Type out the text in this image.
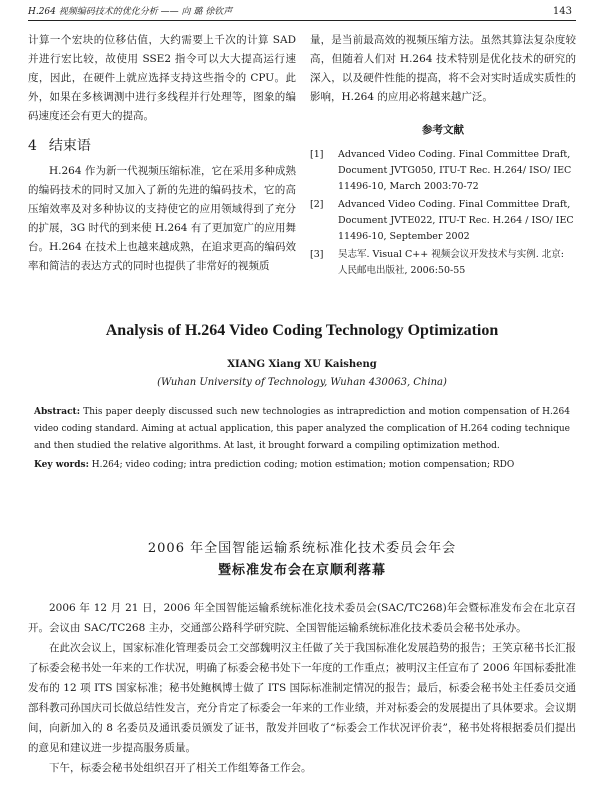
H.264 视频编码技术的优化分析 —— 向 璐 徐钦声	143

计算一个宏块的位移估值，大约需要上千次的计算 SAD 并进行宏比较，故使用 SSE2 指令可以大大提高运行速度，因此，在硬件上就应选择支持这些指令的 CPU。此外，如果在多核调测中进行多线程并行处理等，图象的编码速度还会有更大的提高。

4 结束语

H.264 作为新一代视频压缩标准，它在采用多种成熟的编码技术的同时又加入了新的先进的编码技术，它的高压缩效率及对多种协议的支持使它的应用领域得到了充分的扩展，3G 时代的到来使 H.264 有了更加宽广的应用舞台。H.264 在技术上也越来越成熟，在追求更高的编码效率和简洁的表达方式的同时也提供了非常好的视频质

量，是当前最高效的视频压缩方法。虽然其算法复杂度较高，但随着人们对 H.264 技术特别是优化技术的研究的深入，以及硬件性能的提高，将不会对实时适成实质性的影响，H.264 的应用必将越来越广泛。

参考文献
[1] Advanced Video Coding. Final Committee Draft, Document JVTG050, ITU-T Rec. H.264/ ISO/ IEC 11496-10, March 2003:70-72
[2] Advanced Video Coding. Final Committee Draft, Document JVTE022, ITU-T Rec. H.264 / ISO/ IEC 11496-10, September 2002
[3] 吴志军. Visual C++ 视频会议开发技术与实例. 北京: 人民邮电出版社, 2006:50-55
Analysis of H.264 Video Coding Technology Optimization
XIANG Xiang XU Kaisheng
(Wuhan University of Technology, Wuhan 430063, China)
Abstract: This paper deeply discussed such new technologies as intraprediction and motion compensation of H.264 video coding standard. Aiming at actual application, this paper analyzed the complication of H.264 coding technique and then studied the relative algorithms. At last, it brought forward a compiling optimization method.
Key words: H.264; video coding; intra prediction coding; motion estimation; motion compensation; RDO
2006 年全国智能运输系统标准化技术委员会年会
暨标准发布会在京顺利落幕

2006 年 12 月 21 日，2006 年全国智能运输系统标准化技术委员会(SAC/TC268)年会暨标准发布会在北京召开。会议由 SAC/TC268 主办，交通部公路科学研究院、全国智能运输系统标准化技术委员会秘书处承办。

在此次会议上，国家标准化管理委员会工交部魏明汉主任做了关于我国标准化发展趋势的报告；王笑京秘书长汇报了标委会秘书处一年来的工作状况，明确了标委会秘书处下一年度的工作重点；被明汉主任宣布了 2006 年国标委批准发布的 12 项 ITS 国家标准；秘书处鲍枫博士做了 ITS 国际标准制定情况的报告；最后，标委会秘书处主任委员交通部科教司孙国庆司长做总结性发言，充分肯定了标委会一年来的工作业绩，并对标委会的发展提出了具体要求。会议期间，向新加入的 8 名委员及通讯委员颁发了证书，散发并回收了“标委会工作状况评价表”，秘书处将根据委员们提出的意见和建议进一步提高服务质量。

下午，标委会秘书处组织召开了相关工作组筹备工作会。
